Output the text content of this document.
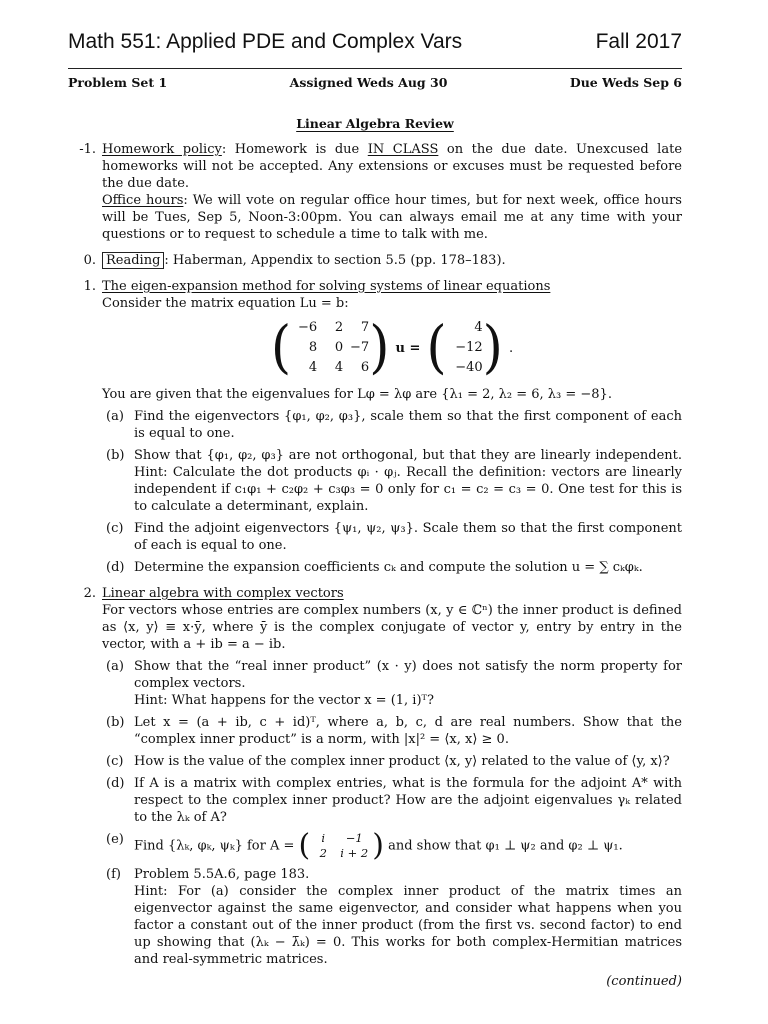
Math 551: Applied PDE and Complex Vars	Fall 2017
Problem Set 1	Assigned Weds Aug 30	Due Weds Sep 6
Linear Algebra Review
-1. Homework policy: Homework is due IN CLASS on the due date. Unexcused late homeworks will not be accepted. Any extensions or excuses must be requested before the due date.
Office hours: We will vote on regular office hour times, but for next week, office hours will be Tues, Sep 5, Noon-3:00pm. You can always email me at any time with your questions or to request to schedule a time to talk with me.
0. Reading : Haberman, Appendix to section 5.5 (pp. 178–183).
1. The eigen-expansion method for solving systems of linear equations
Consider the matrix equation Lu = b:
( −6	2	7
8	0 −7
4	4	6 ) u = (	4
−12
−40 ) .
You are given that the eigenvalues for Lφ = λφ are {λ₁ = 2, λ₂ = 6, λ₃ = −8}.
(a) Find the eigenvectors {φ₁, φ₂, φ₃}, scale them so that the first component of each is equal to one.
(b) Show that {φ₁, φ₂, φ₃} are not orthogonal, but that they are linearly independent. Hint: Calculate the dot products φᵢ · φⱼ. Recall the definition: vectors are linearly independent if c₁φ₁ + c₂φ₂ + c₃φ₃ = 0 only for c₁ = c₂ = c₃ = 0. One test for this is to calculate a determinant, explain.
(c) Find the adjoint eigenvectors {ψ₁, ψ₂, ψ₃}. Scale them so that the first component of each is equal to one.
(d) Determine the expansion coefficients cₖ and compute the solution u = ∑ cₖφₖ.
2. Linear algebra with complex vectors
For vectors whose entries are complex numbers (x, y ∈ ℂⁿ) the inner product is defined as ⟨x, y⟩ ≡ x·ȳ, where ȳ is the complex conjugate of vector y, entry by entry in the vector, with a + ib = a − ib.
(a) Show that the “real inner product” (x · y) does not satisfy the norm property for complex vectors.
Hint: What happens for the vector x = (1, i)ᵀ?
(b) Let x = (a + ib, c + id)ᵀ, where a, b, c, d are real numbers. Show that the “complex inner product” is a norm, with |x|² = ⟨x, x⟩ ≥ 0.
(c) How is the value of the complex inner product ⟨x, y⟩ related to the value of ⟨y, x⟩?
(d) If A is a matrix with complex entries, what is the formula for the adjoint A* with respect to the complex inner product? How are the adjoint eigenvalues γₖ related to the λₖ of A?
(e) Find {λₖ, φₖ, ψₖ} for A = ( i	−1
2	i + 2 ) and show that φ₁ ⊥ ψ₂ and φ₂ ⊥ ψ₁.
(f) Problem 5.5A.6, page 183.
Hint: For (a) consider the complex inner product of the matrix times an eigenvector against the same eigenvector, and consider what happens when you factor a constant out of the inner product (from the first vs. second factor) to end up showing that (λₖ − λ̄ₖ) = 0. This works for both complex-Hermitian matrices and real-symmetric matrices.
(continued)
